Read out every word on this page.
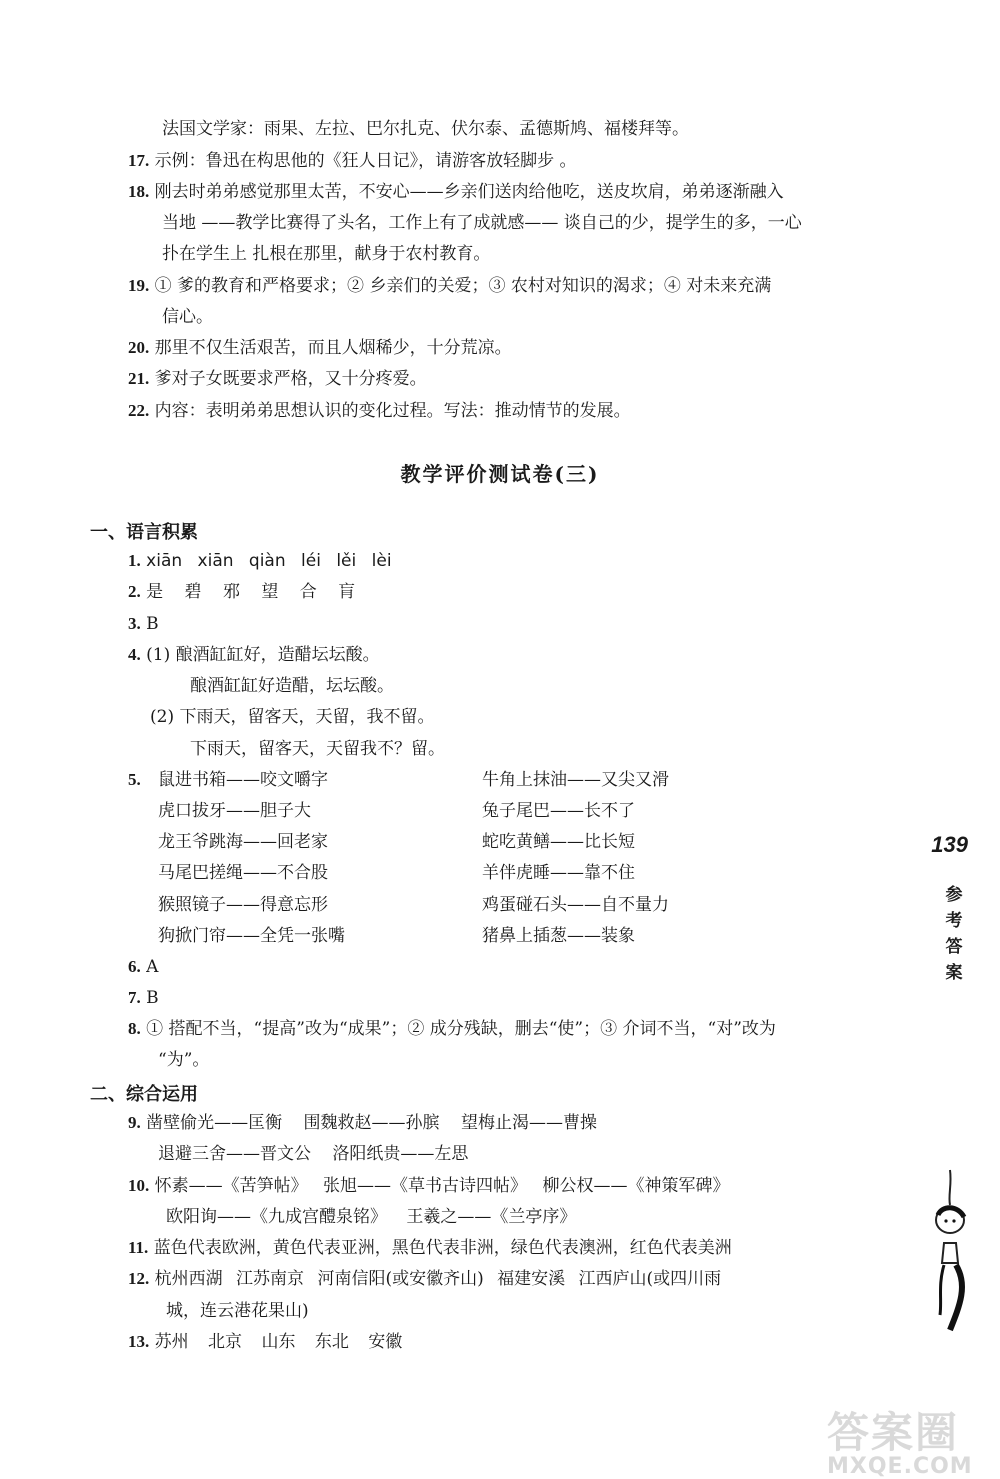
法国文学家：雨果、左拉、巴尔扎克、伏尔泰、孟德斯鸠、福楼拜等。
17. 示例：鲁迅在构思他的《狂人日记》，请游客放轻脚步 。
18. 刚去时弟弟感觉那里太苦，不安心——乡亲们送肉给他吃，送皮坎肩，弟弟逐渐融入
当地 ——教学比赛得了头名，工作上有了成就感—— 谈自己的少，提学生的多，一心
扑在学生上 扎根在那里，献身于农村教育。
19. ① 爹的教育和严格要求；② 乡亲们的关爱；③ 农村对知识的渴求；④ 对未来充满
信心。
20. 那里不仅生活艰苦，而且人烟稀少，十分荒凉。
21. 爹对子女既要求严格，又十分疼爱。
22. 内容：表明弟弟思想认识的变化过程。写法：推动情节的发展。
教学评价测试卷(三)
一、语言积累
1. xiān xiān qiàn léi lěi lèi
2. 是 碧 邪 望 合 肓
3. B
4. (1) 酿酒缸缸好，造醋坛坛酸。
酿酒缸缸好造醋，坛坛酸。
(2) 下雨天，留客天，天留，我不留。
下雨天，留客天，天留我不？留。
5. 鼠进书箱——咬文嚼字
虎口拔牙——胆子大
龙王爷跳海——回老家
马尾巴搓绳——不合股
猴照镜子——得意忘形
狗掀门帘——全凭一张嘴
牛角上抹油——又尖又滑
兔子尾巴——长不了
蛇吃黄鳝——比长短
羊伴虎睡——靠不住
鸡蛋碰石头——自不量力
猪鼻上插葱——装象
6. A
7. B
8. ① 搭配不当，“提高”改为“成果”；② 成分残缺，删去“使”；③ 介词不当，“对”改为
“为”。
二、综合运用
9. 凿壁偷光——匡衡 围魏救赵——孙膑 望梅止渴——曹操
退避三舍——晋文公 洛阳纸贵——左思
10. 怀素——《苦笋帖》 张旭——《草书古诗四帖》 柳公权——《神策军碑》
欧阳询——《九成宫醴泉铭》 王羲之——《兰亭序》
11. 蓝色代表欧洲，黄色代表亚洲，黑色代表非洲，绿色代表澳洲，红色代表美洲
12. 杭州西湖 江苏南京 河南信阳(或安徽齐山) 福建安溪 江西庐山(或四川雨
城，连云港花果山)
13. 苏州 北京 山东 东北 安徽
139
参
考
答
案
答案圈
MXQE.COM
